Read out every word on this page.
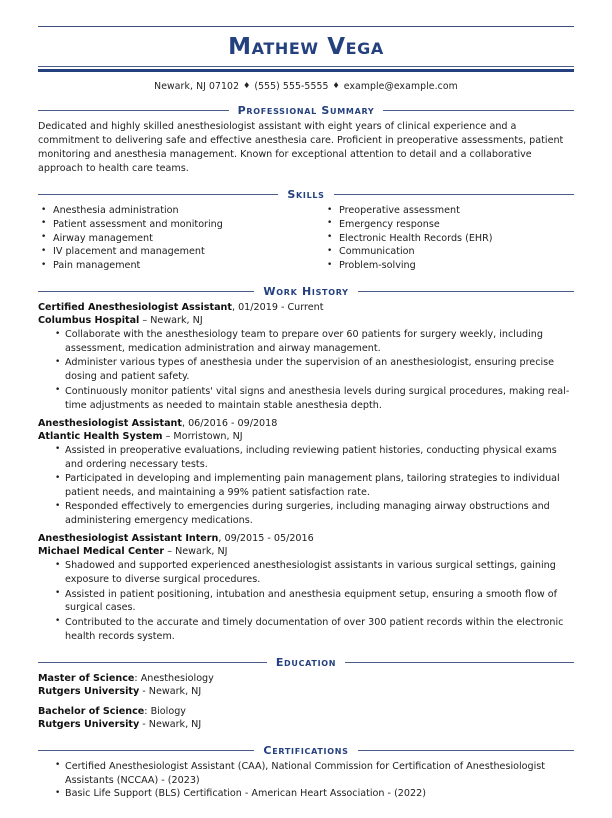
Mathew Vega
Newark, NJ 07102 ♦ (555) 555-5555 ♦ example@example.com
Professional Summary

Dedicated and highly skilled anesthesiologist assistant with eight years of clinical experience and a commitment to delivering safe and effective anesthesia care. Proficient in preoperative assessments, patient monitoring and anesthesia management. Known for exceptional attention to detail and a collaborative approach to health care teams.

Skills
• Anesthesia administration
• Patient assessment and monitoring
• Airway management
• IV placement and management
• Pain management
• Preoperative assessment
• Emergency response
• Electronic Health Records (EHR)
• Communication
• Problem-solving
Work History
Certified Anesthesiologist Assistant, 01/2019 - Current
Columbus Hospital – Newark, NJ
• Collaborate with the anesthesiology team to prepare over 60 patients for surgery weekly, including assessment, medication administration and airway management.
• Administer various types of anesthesia under the supervision of an anesthesiologist, ensuring precise dosing and patient safety.
• Continuously monitor patients' vital signs and anesthesia levels during surgical procedures, making real-time adjustments as needed to maintain stable anesthesia depth.
Anesthesiologist Assistant, 06/2016 - 09/2018
Atlantic Health System – Morristown, NJ
• Assisted in preoperative evaluations, including reviewing patient histories, conducting physical exams and ordering necessary tests.
• Participated in developing and implementing pain management plans, tailoring strategies to individual patient needs, and maintaining a 99% patient satisfaction rate.
• Responded effectively to emergencies during surgeries, including managing airway obstructions and administering emergency medications.
Anesthesiologist Assistant Intern, 09/2015 - 05/2016
Michael Medical Center – Newark, NJ
• Shadowed and supported experienced anesthesiologist assistants in various surgical settings, gaining exposure to diverse surgical procedures.
• Assisted in patient positioning, intubation and anesthesia equipment setup, ensuring a smooth flow of surgical cases.
• Contributed to the accurate and timely documentation of over 300 patient records within the electronic health records system.
Education
Master of Science: Anesthesiology
Rutgers University - Newark, NJ
Bachelor of Science: Biology
Rutgers University - Newark, NJ
Certifications
• Certified Anesthesiologist Assistant (CAA), National Commission for Certification of Anesthesiologist Assistants (NCCAA) - (2023)
• Basic Life Support (BLS) Certification - American Heart Association - (2022)
